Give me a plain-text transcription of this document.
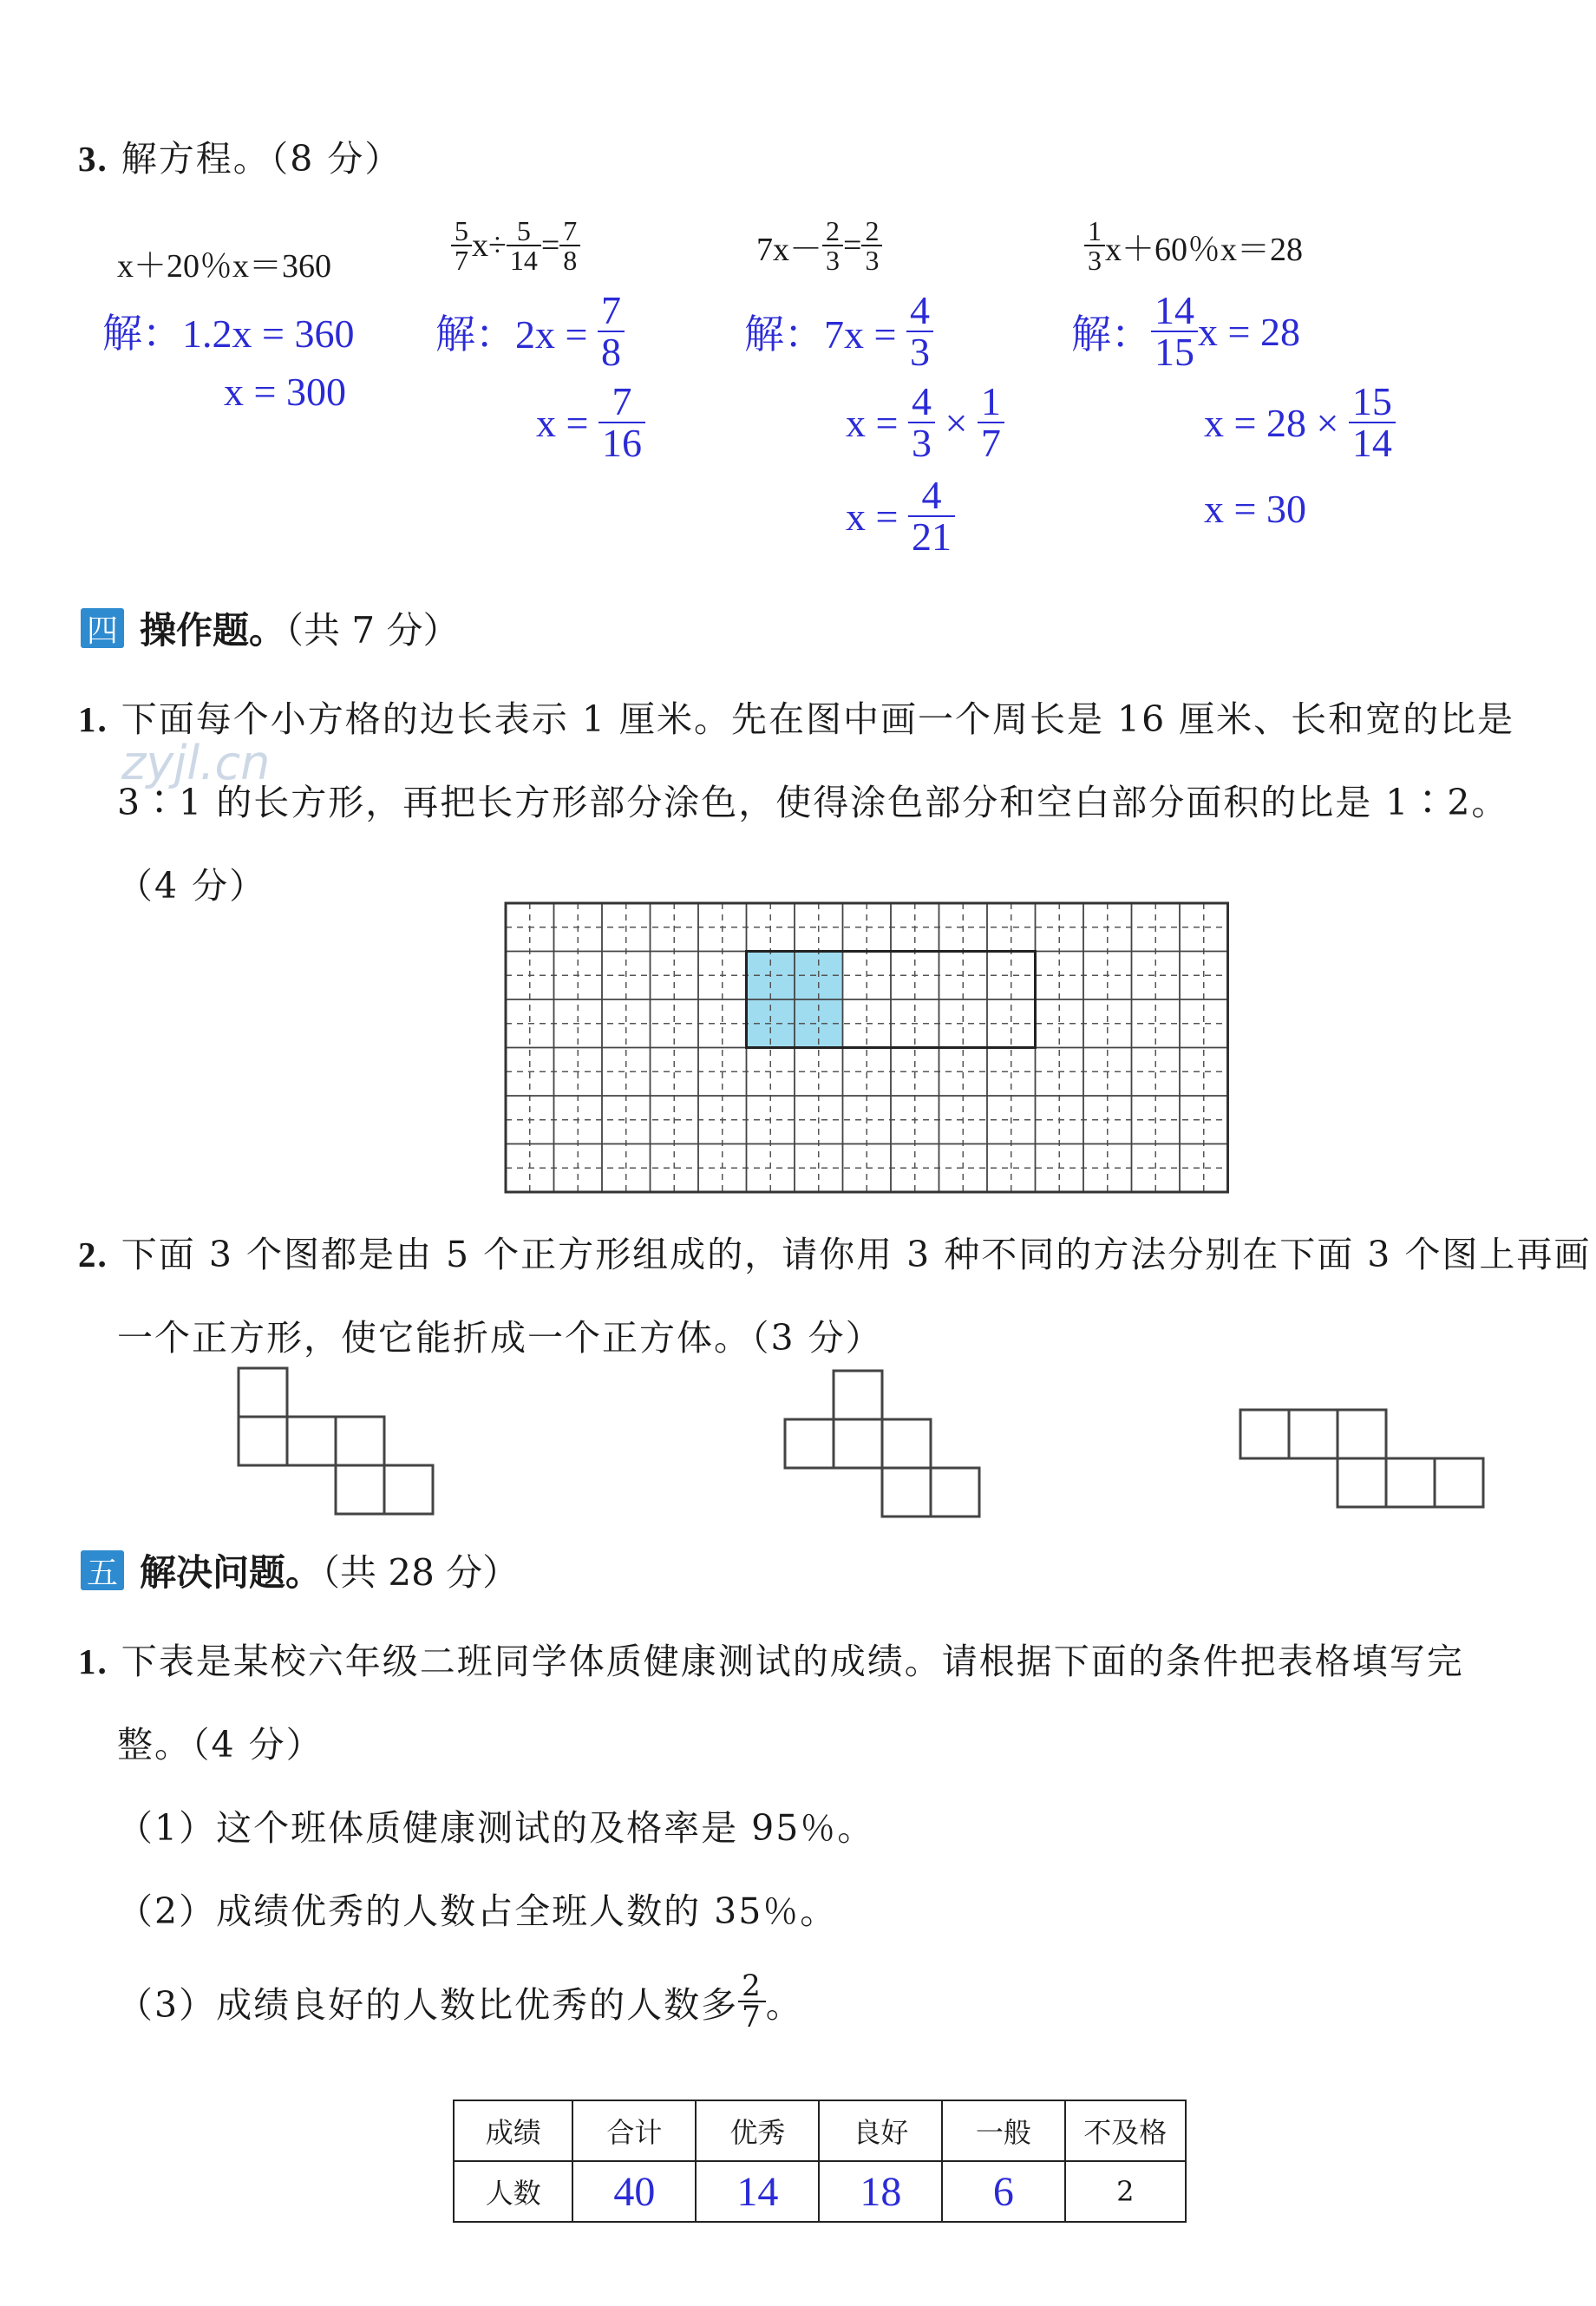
3. 解方程。（8 分）
x＋20％x＝360
解：1.2x = 360
x = 300
$\frac{5}{7} x\div \frac{5}{14} = \frac{7}{8}$
解：2x =
$\frac{7}{8}$
x =
$\frac{7}{16}$
$7x- \frac{2}{3} = \frac{2}{3}$
解：7x =
$\frac{4}{3}$
x =
$\frac{4}{3}$
×
$\frac{1}{7}$
x =
$\frac{4}{21}$
$\frac{1}{3} x+60$％x＝28
解： $\frac{14}{15}$ x = 28
x = 28 ×
$\frac{15}{14}$
x = 30
四 操作题。（共 7 分）
1. 下面每个小方格的边长表示 1 厘米。先在图中画一个周长是 16 厘米、长和宽的比是
3∶1 的长方形，再把长方形部分涂色，使得涂色部分和空白部分面积的比是 1∶2。
（4 分）
zyjl.cn
2. 下面 3 个图都是由 5 个正方形组成的，请你用 3 种不同的方法分别在下面 3 个图上再画
一个正方形，使它能折成一个正方体。（3 分）
五 解决问题。（共 28 分）
1. 下表是某校六年级二班同学体质健康测试的成绩。请根据下面的条件把表格填写完
整。（4 分）
（1）这个班体质健康测试的及格率是 95％。
（2）成绩优秀的人数占全班人数的 35％。
（3）成绩良好的人数比优秀的人数多 $\frac{2}{7}$ 。
成绩	合计	优秀	良好	一般	不及格
人数	40	14	18	6	2
